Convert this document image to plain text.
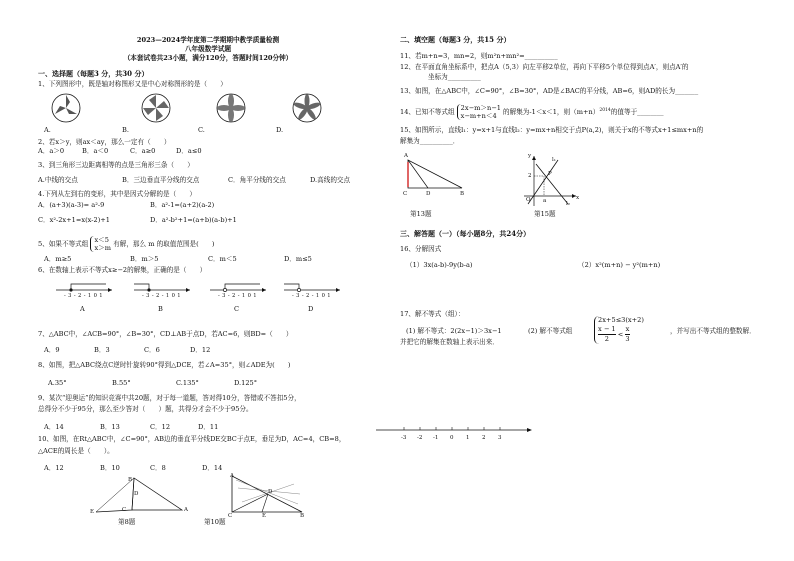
2023—2024学年度第二学期期中教学质量检测
八年级数学试题
（本套试卷共23小题，满分120分，答题时间120分钟）
一、选择题（每题3 分，共30 分）
1、下列图形中，既是轴对称图形又是中心对称图形的是（　　）
A.	B.	C.	D.
2、若x＞y，则ax＜ay，那么一定有（　　）
A．a＞0	B．a＜0	C．a≥0	D．a≤0
3、到三角形三边距离相等的点是三角形三条（　　）
A.中线的交点	B．三边垂直平分线的交点	C．角平分线的交点	D.高线的交点
4.下列从左到右的变形，其中是因式分解的是（　　）
A．(a+3)(a-3)= a²-9	B．a²-1=(a+2)(a-2)
C．x²-2x+1=x(x-2)+1	D．a²-b²+1=(a+b)(a-b)+1
5、如果不等式组 x＜5
x＞m 有解，那么 m 的取值范围是(　　)
A．m≥5	B．m＞5	C．m＜5	D．m≤5
6、在数轴上表示不等式x≥−2的解集，正确的是（　　）
-3-2-101	-3-2-101	-3-2-101	-3-2-101
A	B	C	D
7、△ABC中，∠ACB=90°，∠B=30°，CD⊥AB于点D，若AC=6，则BD=（　　）
A．9	B．3	C．6	D．12
8、如图，把△ABC绕点C逆时针旋转90°得到△DCE，若∠A=35°，则∠ADE为(　　)
A.35°	B.55°	C.135°	D.125°
9、某次“迎奥运”的知识竞赛中共20题，对于每一道题，答对得10分，答错或不答扣5分，
总得分不少于95分，那么至少答对（　　）题，共得分才会不少于95分。
A．14	B．13	C．12	D．11
10、如图，在Rt△ABC中，∠C=90°，AB边的垂直平分线DE交BC于点E，垂足为D，AC=4，CB=8，
△ACE的周长是（　　）。
A．12	B．10	C．8	D．14
B
C	A
E
D
第8题
A
D
C	E	B
第10题
二、填空题（每题3 分，共15 分）
11、若m+n=3，mn=2，则m²n+mn²=__________
12、在平面直角坐标系中，把点A（5,3）向左平移2单位，再向下平移5个单位得到点A′，则点A′的
坐标为__________
13、如图，在△ABC中，∠C=90°，∠B=30°，AD是∠BAC的平分线，AB=6，则AD的长为_______
14、已知不等式组 2x−m＞n−1
x−m+n＜4 的解集为-1＜x＜1，则$(m+n)^{2014}$的值等于________
15、如图所示，直线l₁：y=x+1与直线l₂：y=mx+n相交于点P(a,2)，则关于x的不等式x+1≤mx+n的
解集为__________．
A
C	D	B
第13题
l₁
P
2
O a	x
y
l₂
第15题
三、解答题（一）（每小题8分，共24分）
16、分解因式
（1）3x(a-b)-9y(b-a)	（2）x²(m+n) − y²(m+n)
17、解不等式（组）：
(1) 解不等式：2(2x−1)＞3x−1
并把它的解集在数轴上表示出来．
(2) 解不等式组
2x+5≤3(x+2)
$\frac{x - 1}{2} < \frac{x}{3}$	，并写出不等式组的整数解．
-3 -2 -1 0 1 2 3
